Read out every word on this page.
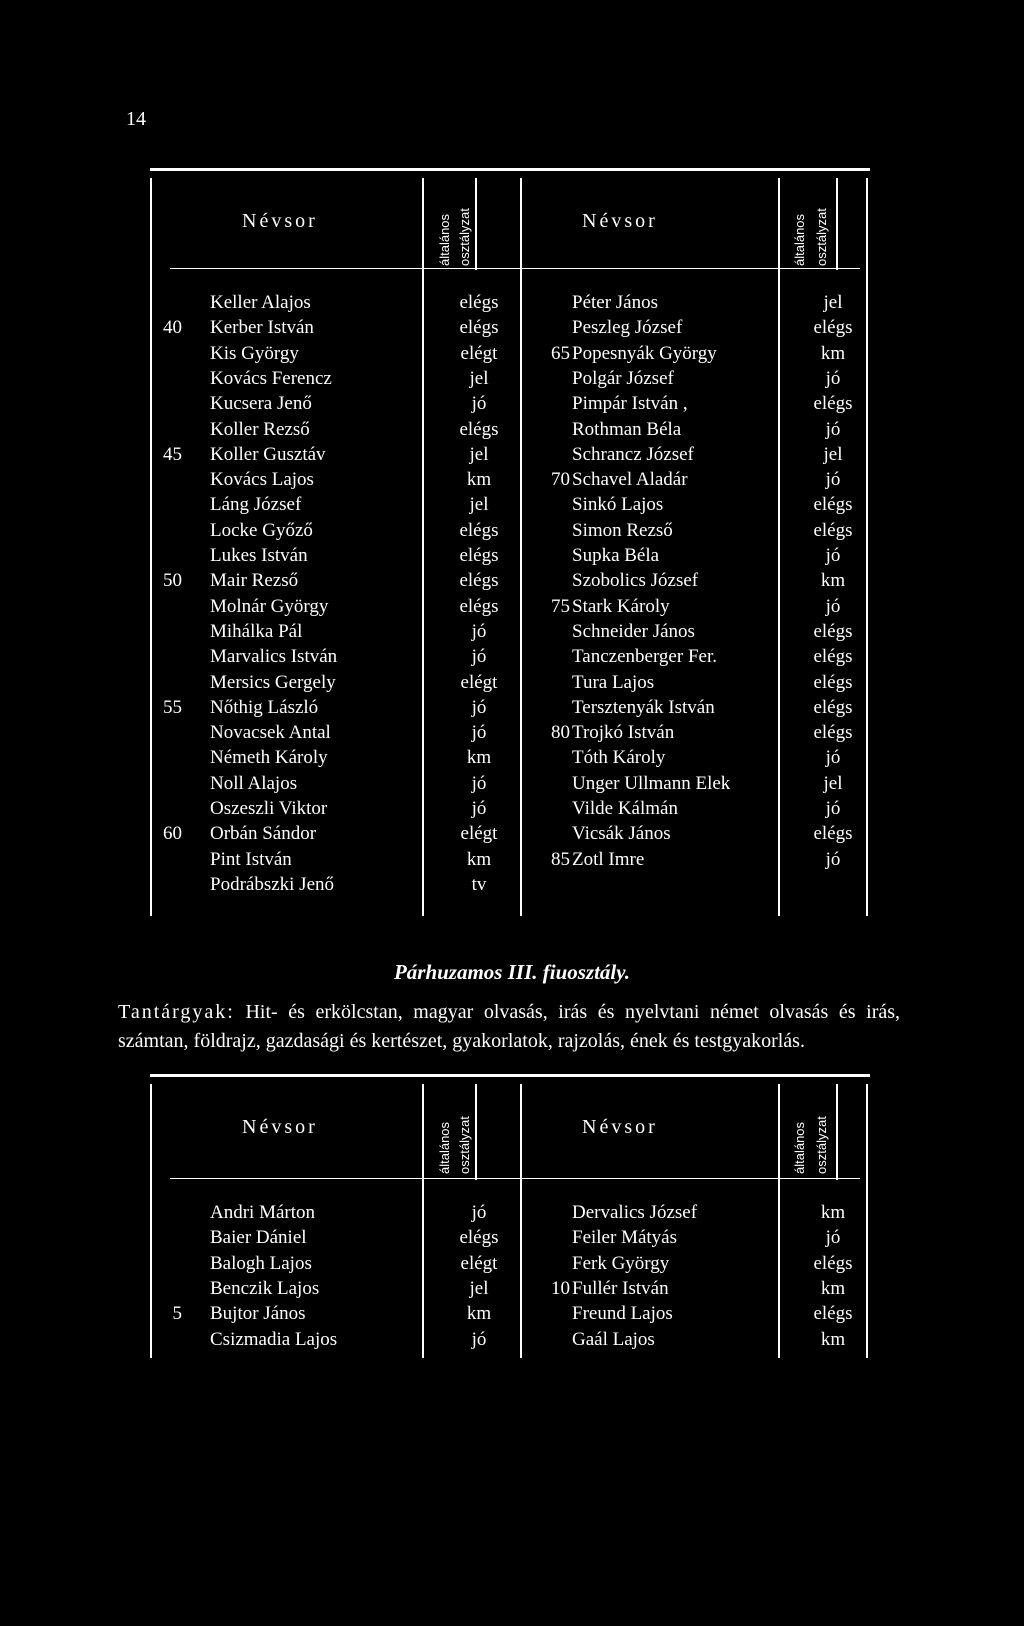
14
Névsor	általános osztályzat	Névsor	általános osztályzat
Keller Alajos	elégs	Péter János	jel
40 Kerber István	elégs	Peszleg József	elégs
Kis György	elégt	65 Popesnyák György	km
Kovács Ferencz	jel	Polgár József	jó
Kucsera Jenő	jó	Pimpár István ,	elégs
Koller Rezső	elégs	Rothman Béla	jó
45 Koller Gusztáv	jel	Schrancz József	jel
Kovács Lajos	km	70 Schavel Aladár	jó
Láng József	jel	Sinkó Lajos	elégs
Locke Győző	elégs	Simon Rezső	elégs
Lukes István	elégs	Supka Béla	jó
50 Mair Rezső	elégs	Szobolics József	km
Molnár György	elégs	75 Stark Károly	jó
Mihálka Pál	jó	Schneider János	elégs
Marvalics István	jó	Tanczenberger Fer.	elégs
Mersics Gergely	elégt	Tura Lajos	elégs
55 Nőthig László	jó	Tersztenyák István	elégs
Novacsek Antal	jó	80 Trojkó István	elégs
Németh Károly	km	Tóth Károly	jó
Noll Alajos	jó	Unger Ullmann Elek	jel
Oszeszli Viktor	jó	Vilde Kálmán	jó
60 Orbán Sándor	elégt	Vicsák János	elégs
Pint István	km	85 Zotl Imre	jó
Podrábszki Jenő	tv
Párhuzamos III. fiuosztály.
Tantárgyak: Hit- és erkölcstan, magyar olvasás, irás és nyelvtani német olvasás és irás, számtan, földrajz, gazdasági és kertészet, gyakorlatok, rajzolás, ének és testgyakorlás.
Névsor	általános osztályzat	Névsor	általános osztályzat
Andri Márton	jó	Dervalics József	km
Baier Dániel	elégs	Feiler Mátyás	jó
Balogh Lajos	elégt	Ferk György	elégs
Benczik Lajos	jel	10 Fullér István	km
5 Bujtor János	km	Freund Lajos	elégs
Csizmadia Lajos	jó	Gaál Lajos	km
